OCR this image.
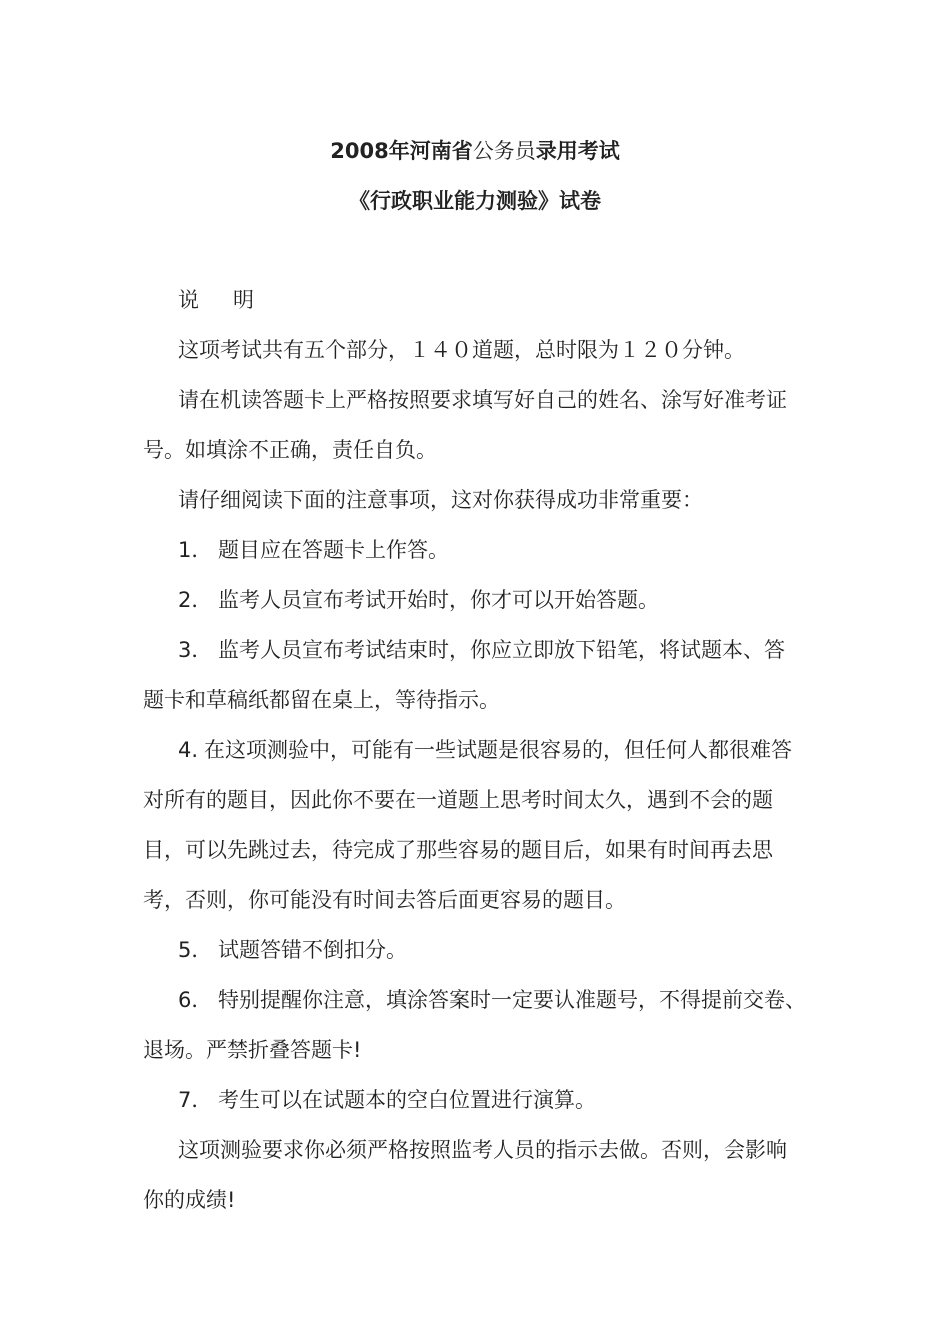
2008年河南省公务员录用考试
《行政职业能力测验》试卷
说 明
这项考试共有五个部分，１４０道题，总时限为１２０分钟。
请在机读答题卡上严格按照要求填写好自己的姓名、涂写好准考证
号。如填涂不正确，责任自负。
请仔细阅读下面的注意事项，这对你获得成功非常重要：
1． 题目应在答题卡上作答。
2． 监考人员宣布考试开始时，你才可以开始答题。
3． 监考人员宣布考试结束时，你应立即放下铅笔，将试题本、答
题卡和草稿纸都留在桌上，等待指示。
4. 在这项测验中，可能有一些试题是很容易的，但任何人都很难答
对所有的题目，因此你不要在一道题上思考时间太久，遇到不会的题
目，可以先跳过去，待完成了那些容易的题目后，如果有时间再去思
考，否则，你可能没有时间去答后面更容易的题目。
5． 试题答错不倒扣分。
6． 特别提醒你注意，填涂答案时一定要认准题号，不得提前交卷、
退场。严禁折叠答题卡!
7． 考生可以在试题本的空白位置进行演算。
这项测验要求你必须严格按照监考人员的指示去做。否则，会影响
你的成绩!
